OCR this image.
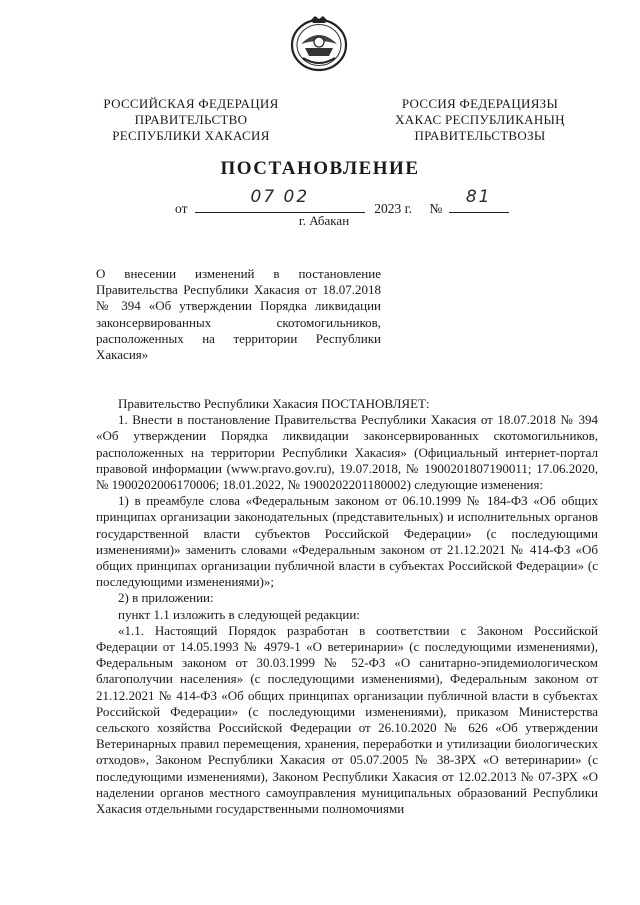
РОССИЙСКАЯ ФЕДЕРАЦИЯ
ПРАВИТЕЛЬСТВО
РЕСПУБЛИКИ ХАКАСИЯ
РОССИЯ ФЕДЕРАЦИЯЗЫ
ХАКАС РЕСПУБЛИКАНЫҢ
ПРАВИТЕЛЬСТВОЗЫ
ПОСТАНОВЛЕНИЕ
от
07 02
2023 г. №
81
г. Абакан
О внесении изменений в постановление Правительства Республики Хакасия от 18.07.2018 № 394 «Об утверждении Порядка ликвидации законсервированных скотомогильников, расположенных на территории Республики Хакасия»

Правительство Республики Хакасия ПОСТАНОВЛЯЕТ:

1. Внести в постановление Правительства Республики Хакасия от 18.07.2018 № 394 «Об утверждении Порядка ликвидации законсервированных скотомогильников, расположенных на территории Республики Хакасия» (Официальный интернет-портал правовой информации (www.pravo.gov.ru), 19.07.2018, № 1900201807190011; 17.06.2020, № 1900202006170006; 18.01.2022, № 1900202201180002) следующие изменения:

1) в преамбуле слова «Федеральным законом от 06.10.1999 № 184-ФЗ «Об общих принципах организации законодательных (представительных) и исполнительных органов государственной власти субъектов Российской Федерации» (с последующими изменениями)» заменить словами «Федеральным законом от 21.12.2021 № 414-ФЗ «Об общих принципах организации публичной власти в субъектах Российской Федерации» (с последующими изменениями)»;

2) в приложении:

пункт 1.1 изложить в следующей редакции:

«1.1. Настоящий Порядок разработан в соответствии с Законом Российской Федерации от 14.05.1993 № 4979-1 «О ветеринарии» (с последующими изменениями), Федеральным законом от 30.03.1999 № 52-ФЗ «О санитарно-эпидемиологическом благополучии населения» (с последующими изменениями), Федеральным законом от 21.12.2021 № 414-ФЗ «Об общих принципах организации публичной власти в субъектах Российской Федерации» (с последующими изменениями), приказом Министерства сельского хозяйства Российской Федерации от 26.10.2020 № 626 «Об утверждении Ветеринарных правил перемещения, хранения, переработки и утилизации биологических отходов», Законом Республики Хакасия от 05.07.2005 № 38-ЗРХ «О ветеринарии» (с последующими изменениями), Законом Республики Хакасия от 12.02.2013 № 07-ЗРХ «О наделении органов местного самоуправления муниципальных образований Республики Хакасия отдельными государственными полномочиями
